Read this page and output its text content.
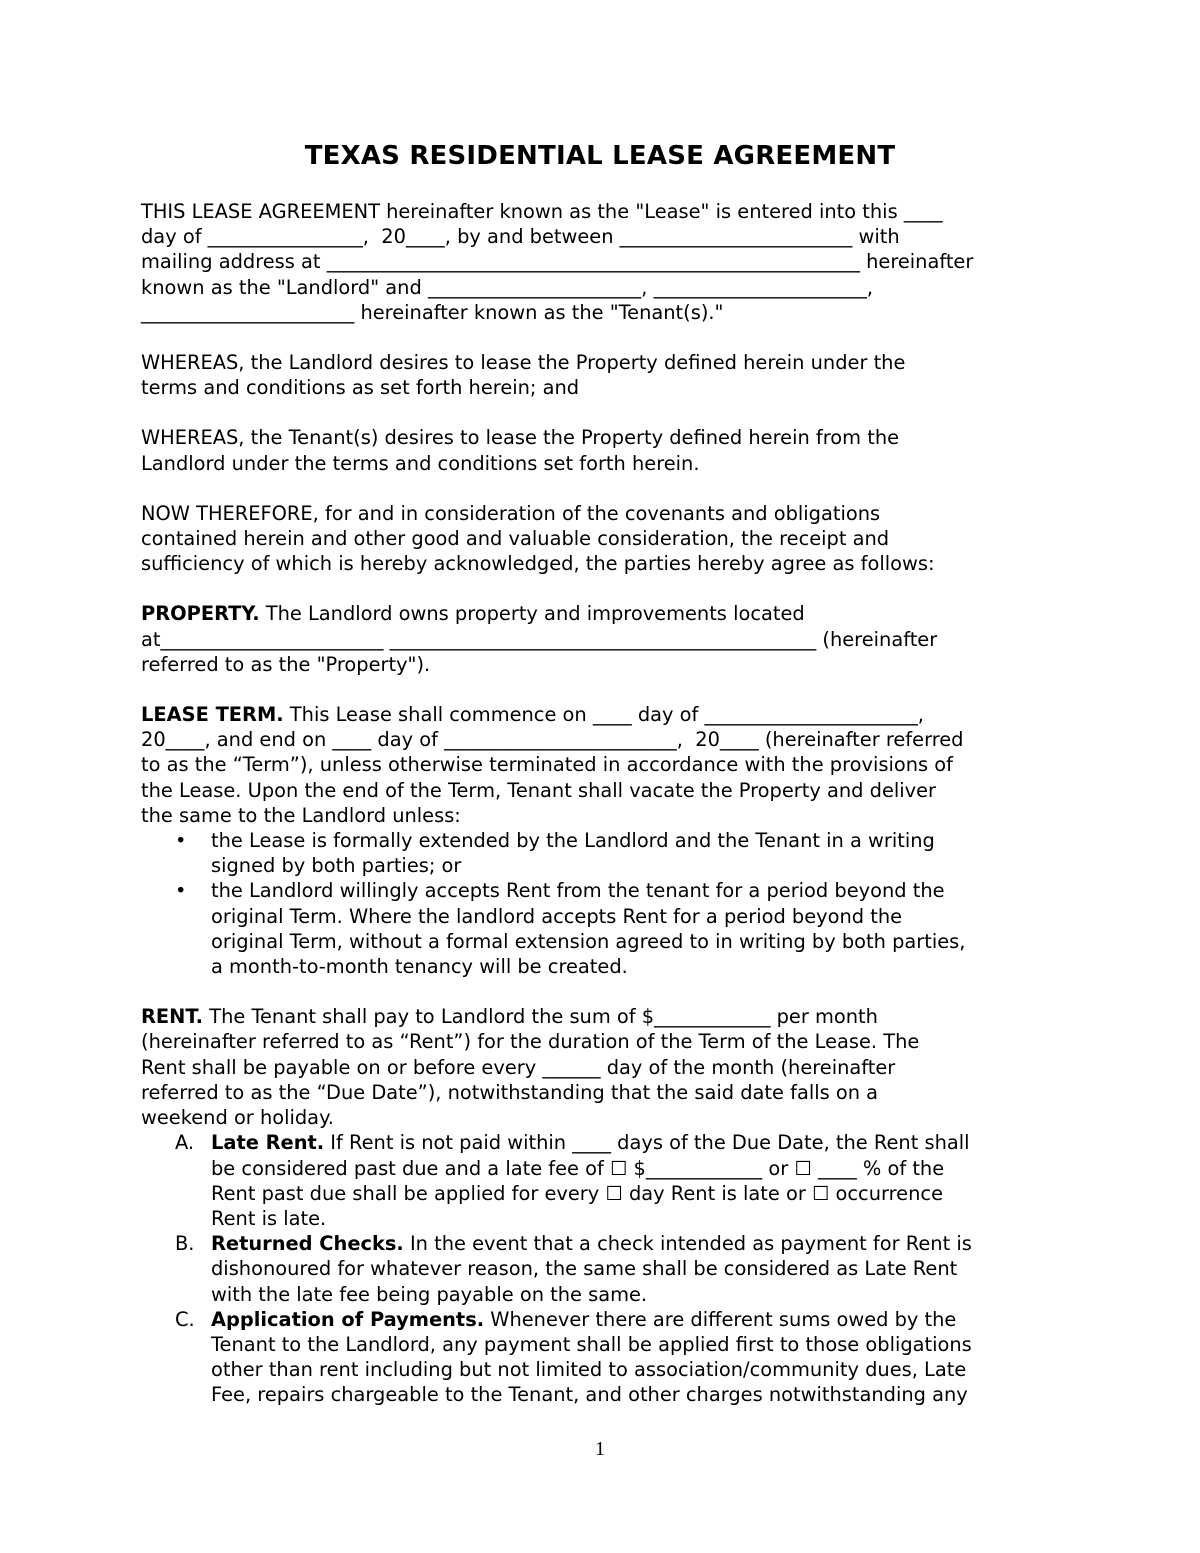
TEXAS RESIDENTIAL LEASE AGREEMENT

THIS LEASE AGREEMENT hereinafter known as the "Lease" is entered into this ____
day of ________________,  20____, by and between ________________________ with
mailing address at _______________________________________________________ hereinafter
known as the "Landlord" and ______________________, ______________________,
______________________ hereinafter known as the "Tenant(s)."

WHEREAS, the Landlord desires to lease the Property defined herein under the
terms and conditions as set forth herein; and

WHEREAS, the Tenant(s) desires to lease the Property defined herein from the
Landlord under the terms and conditions set forth herein.

NOW THEREFORE, for and in consideration of the covenants and obligations
contained herein and other good and valuable consideration, the receipt and
sufficiency of which is hereby acknowledged, the parties hereby agree as follows:

PROPERTY. The Landlord owns property and improvements located
at_______________________ ____________________________________________ (hereinafter
referred to as the "Property").

LEASE TERM. This Lease shall commence on ____ day of ______________________,
20____, and end on ____ day of ________________________,  20____ (hereinafter referred
to as the “Term”), unless otherwise terminated in accordance with the provisions of
the Lease. Upon the end of the Term, Tenant shall vacate the Property and deliver
the same to the Landlord unless:

• the Lease is formally extended by the Landlord and the Tenant in a writing
signed by both parties; or
• the Landlord willingly accepts Rent from the tenant for a period beyond the
original Term. Where the landlord accepts Rent for a period beyond the
original Term, without a formal extension agreed to in writing by both parties,
a month-to-month tenancy will be created.

RENT. The Tenant shall pay to Landlord the sum of $____________ per month
(hereinafter referred to as “Rent”) for the duration of the Term of the Lease. The
Rent shall be payable on or before every ______ day of the month (hereinafter
referred to as the “Due Date”), notwithstanding that the said date falls on a
weekend or holiday.

A. Late Rent. If Rent is not paid within ____ days of the Due Date, the Rent shall
be considered past due and a late fee of ☐ $____________ or ☐ ____ % of the
Rent past due shall be applied for every ☐ day Rent is late or ☐ occurrence
Rent is late.
B. Returned Checks. In the event that a check intended as payment for Rent is
dishonoured for whatever reason, the same shall be considered as Late Rent
with the late fee being payable on the same.
C. Application of Payments. Whenever there are different sums owed by the
Tenant to the Landlord, any payment shall be applied first to those obligations
other than rent including but not limited to association/community dues, Late
Fee, repairs chargeable to the Tenant, and other charges notwithstanding any
1
